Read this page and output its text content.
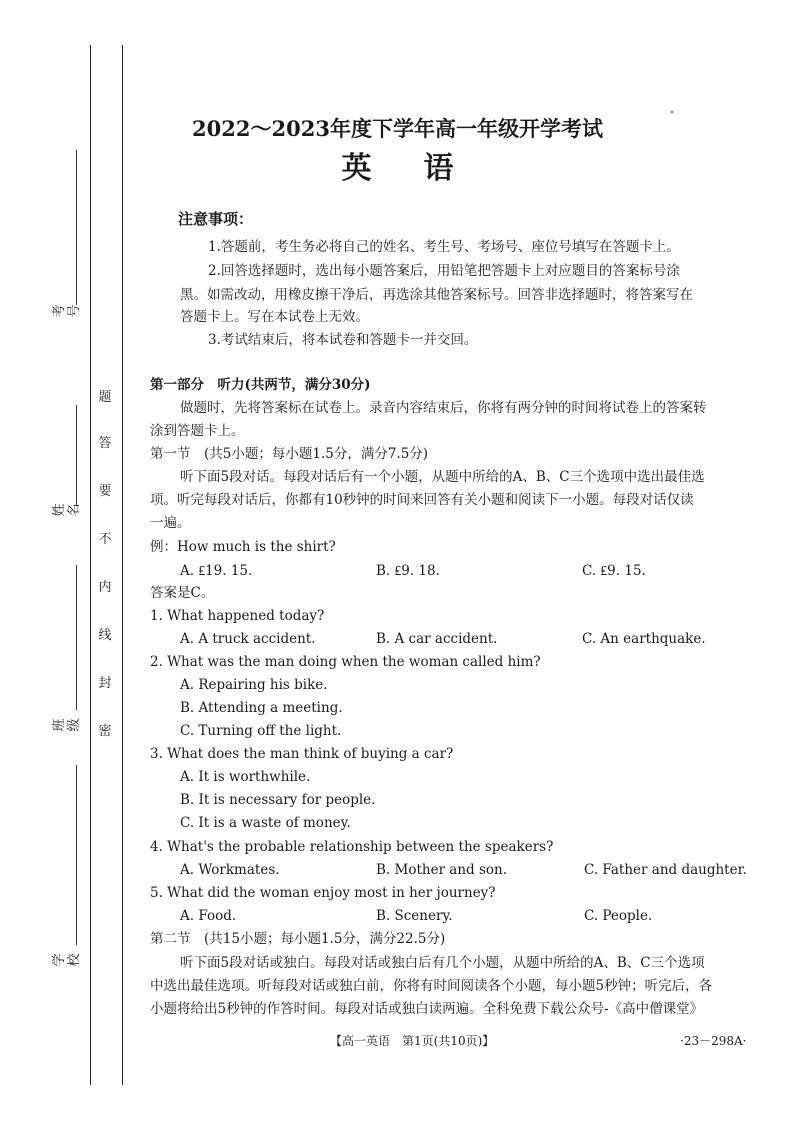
考号
姓名
班级
学校
题
答
要
不
内
线
封
密
2022～2023年度下学年高一年级开学考试
英语
注意事项：
1.答题前，考生务必将自己的姓名、考生号、考场号、座位号填写在答题卡上。
2.回答选择题时，选出每小题答案后，用铅笔把答题卡上对应题目的答案标号涂
黑。如需改动，用橡皮擦干净后，再选涂其他答案标号。回答非选择题时，将答案写在
答题卡上。写在本试卷上无效。
3.考试结束后，将本试卷和答题卡一并交回。
第一部分　听力(共两节，满分30分)
做题时，先将答案标在试卷上。录音内容结束后，你将有两分钟的时间将试卷上的答案转
涂到答题卡上。
第一节　(共5小题；每小题1.5分，满分7.5分)
听下面5段对话。每段对话后有一个小题，从题中所给的A、B、C三个选项中选出最佳选
项。听完每段对话后，你都有10秒钟的时间来回答有关小题和阅读下一小题。每段对话仅读
一遍。
例：How much is the shirt?
A. ₤19. 15.	B. ₤9. 18.	C. ₤9. 15.
答案是C。
1. What happened today?
A. A truck accident.	B. A car accident.	C. An earthquake.
2. What was the man doing when the woman called him?
A. Repairing his bike.
B. Attending a meeting.
C. Turning off the light.
3. What does the man think of buying a car?
A. It is worthwhile.
B. It is necessary for people.
C. It is a waste of money.
4. What's the probable relationship between the speakers?
A. Workmates.	B. Mother and son.	C. Father and daughter.
5. What did the woman enjoy most in her journey?
A. Food.	B. Scenery.	C. People.
第二节　(共15小题；每小题1.5分，满分22.5分)
听下面5段对话或独白。每段对话或独白后有几个小题，从题中所给的A、B、C三个选项
中选出最佳选项。听每段对话或独白前，你将有时间阅读各个小题，每小题5秒钟；听完后，各
小题将给出5秒钟的作答时间。每段对话或独白读两遍。全科免费下载公众号-《高中僧课堂》
【高一英语　第1页(共10页)】	·23－298A·
